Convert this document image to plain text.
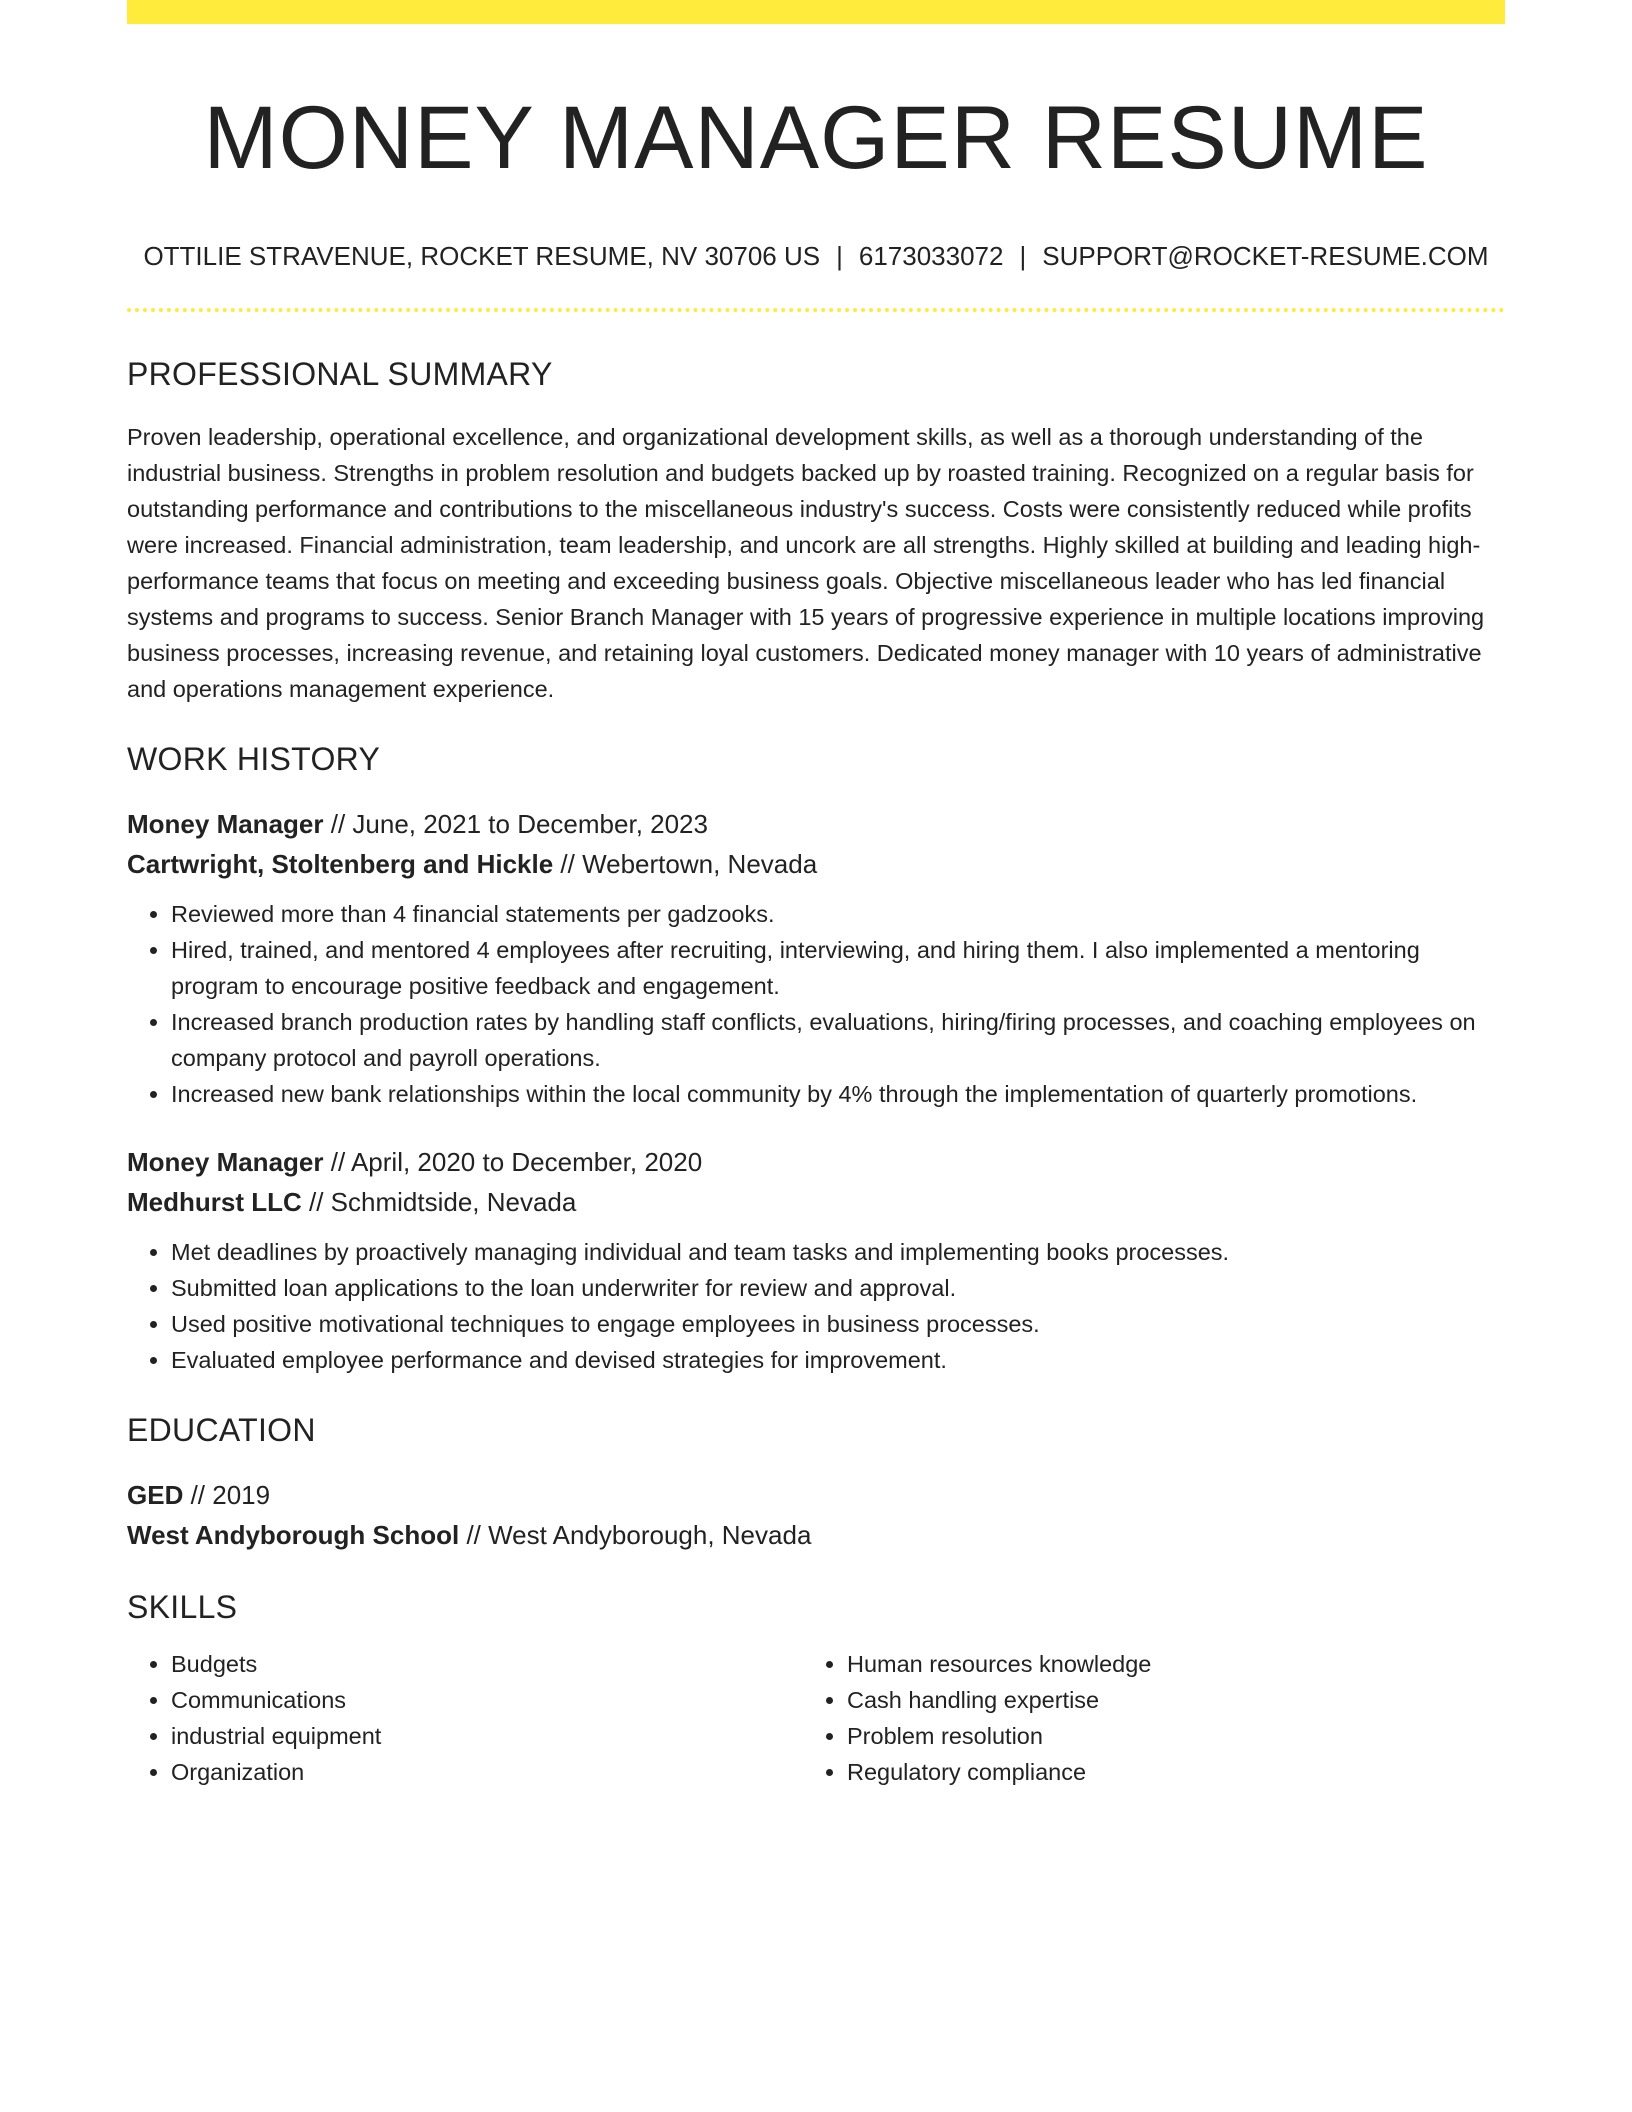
MONEY MANAGER RESUME
OTTILIE STRAVENUE, ROCKET RESUME, NV 30706 US | 6173033072 | SUPPORT@ROCKET-RESUME.COM
PROFESSIONAL SUMMARY
Proven leadership, operational excellence, and organizational development skills, as well as a thorough understanding of the industrial business. Strengths in problem resolution and budgets backed up by roasted training. Recognized on a regular basis for outstanding performance and contributions to the miscellaneous industry's success. Costs were consistently reduced while profits were increased. Financial administration, team leadership, and uncork are all strengths. Highly skilled at building and leading high-performance teams that focus on meeting and exceeding business goals. Objective miscellaneous leader who has led financial systems and programs to success. Senior Branch Manager with 15 years of progressive experience in multiple locations improving business processes, increasing revenue, and retaining loyal customers. Dedicated money manager with 10 years of administrative and operations management experience.
WORK HISTORY
Money Manager // June, 2021 to December, 2023
Cartwright, Stoltenberg and Hickle // Webertown, Nevada
• Reviewed more than 4 financial statements per gadzooks.
• Hired, trained, and mentored 4 employees after recruiting, interviewing, and hiring them. I also implemented a mentoring program to encourage positive feedback and engagement.
• Increased branch production rates by handling staff conflicts, evaluations, hiring/firing processes, and coaching employees on company protocol and payroll operations.
• Increased new bank relationships within the local community by 4% through the implementation of quarterly promotions.
Money Manager // April, 2020 to December, 2020
Medhurst LLC // Schmidtside, Nevada
• Met deadlines by proactively managing individual and team tasks and implementing books processes.
• Submitted loan applications to the loan underwriter for review and approval.
• Used positive motivational techniques to engage employees in business processes.
• Evaluated employee performance and devised strategies for improvement.
EDUCATION
GED // 2019
West Andyborough School // West Andyborough, Nevada
SKILLS
• Budgets
• Communications
• industrial equipment
• Organization
• Human resources knowledge
• Cash handling expertise
• Problem resolution
• Regulatory compliance
